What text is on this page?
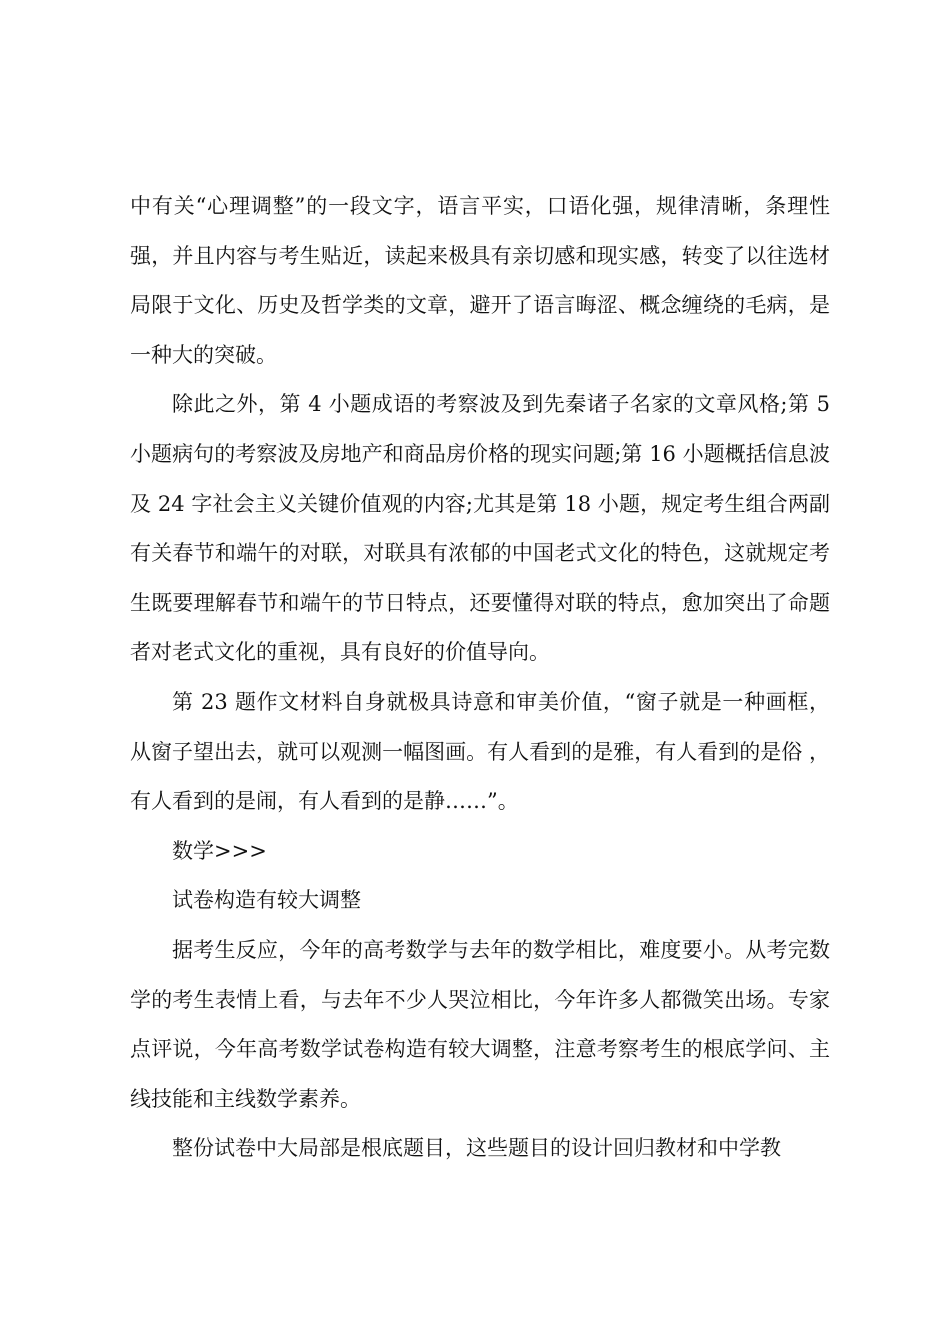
中有关“心理调整”的一段文字，语言平实，口语化强，规律清晰，条理性强，并且内容与考生贴近，读起来极具有亲切感和现实感，转变了以往选材局限于文化、历史及哲学类的文章，避开了语言晦涩、概念缠绕的毛病，是一种大的突破。

除此之外，第 4 小题成语的考察波及到先秦诸子名家的文章风格;第 5 小题病句的考察波及房地产和商品房价格的现实问题;第 16 小题概括信息波及 24 字社会主义关键价值观的内容;尤其是第 18 小题，规定考生组合两副有关春节和端午的对联，对联具有浓郁的中国老式文化的特色，这就规定考生既要理解春节和端午的节日特点，还要懂得对联的特点，愈加突出了命题者对老式文化的重视，具有良好的价值导向。

第 23 题作文材料自身就极具诗意和审美价值，“窗子就是一种画框，从窗子望出去，就可以观测一幅图画。有人看到的是雅，有人看到的是俗 ，有人看到的是闹，有人看到的是静……”。

数学>>>

试卷构造有较大调整

据考生反应，今年的高考数学与去年的数学相比，难度要小。从考完数学的考生表情上看，与去年不少人哭泣相比，今年许多人都微笑出场。专家点评说，今年高考数学试卷构造有较大调整，注意考察考生的根底学问、主线技能和主线数学素养。

整份试卷中大局部是根底题目，这些题目的设计回归教材和中学教
